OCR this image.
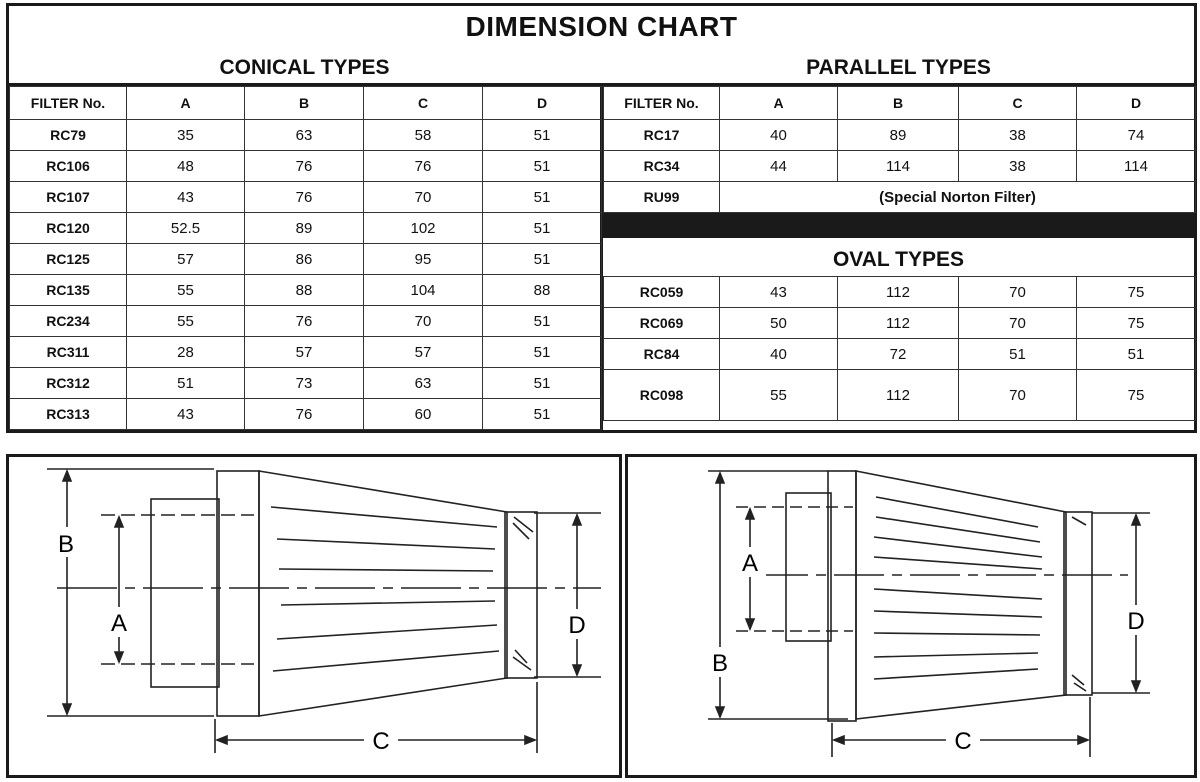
DIMENSION CHART
CONICAL TYPES	PARALLEL TYPES
FILTER No.	A	B	C	D
RC79	35	63	58	51
RC106	48	76	76	51
RC107	43	76	70	51
RC120	52.5	89	102	51
RC125	57	86	95	51
RC135	55	88	104	88
RC234	55	76	70	51
RC311	28	57	57	51
RC312	51	73	63	51
RC313	43	76	60	51
FILTER No.	A	B	C	D
RC17	40	89	38	74
RC34	44	114	38	114
RU99	(Special Norton Filter)			
OVAL TYPES
RC059	43	112	70	75
RC069	50	112	70	75
RC84	40	72	51	51
RC098	55	112	70	75
B
A	D
C
A
B
D
C
